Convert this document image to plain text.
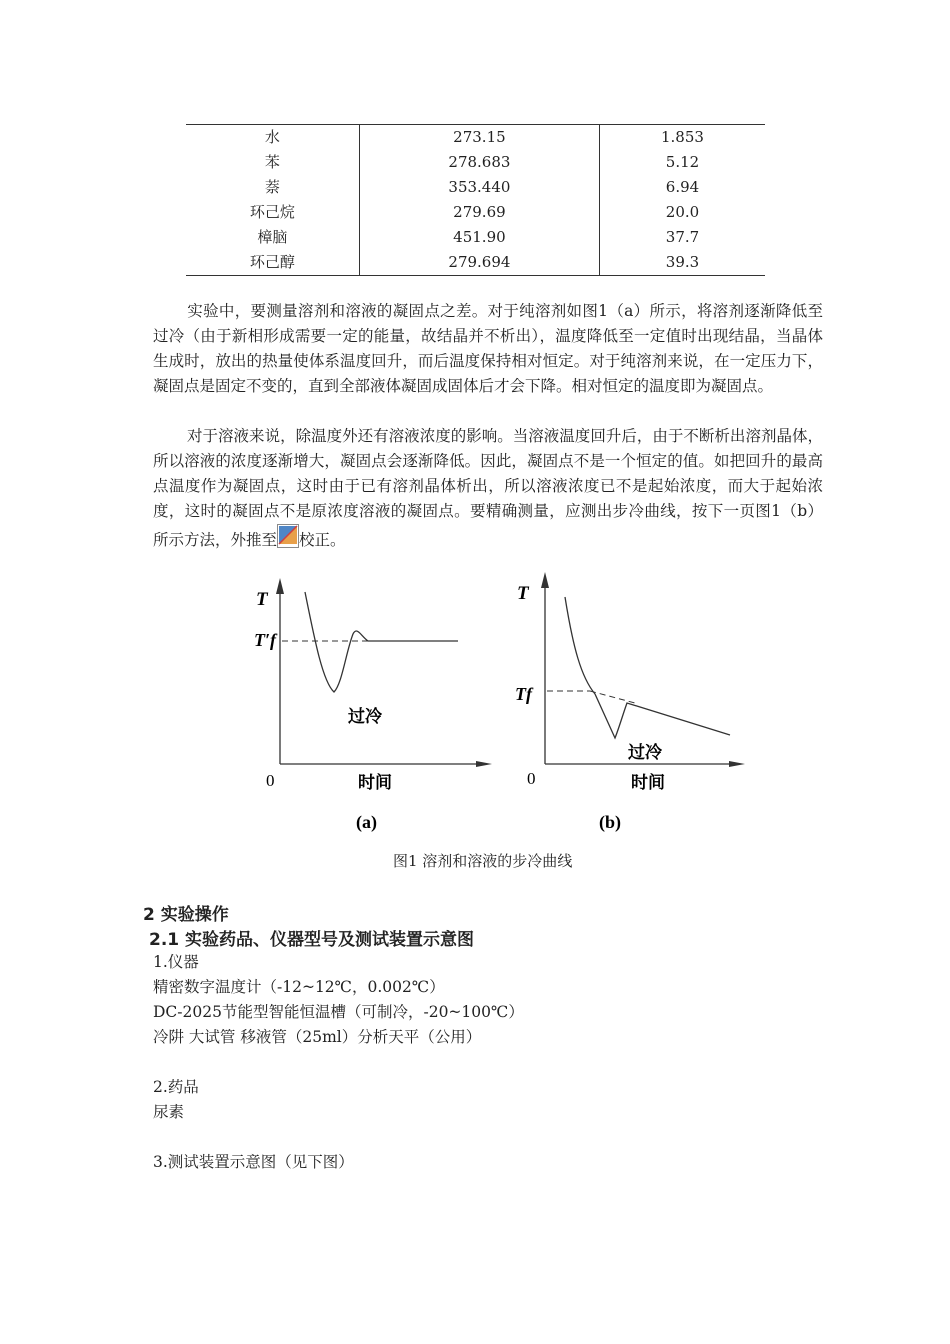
水	273.15	1.853
苯	278.683	5.12
萘	353.440	6.94
环己烷	279.69	20.0
樟脑	451.90	37.7
环己醇	279.694	39.3

实验中，要测量溶剂和溶液的凝固点之差。对于纯溶剂如图1（a）所示，将溶剂逐渐降低至过冷（由于新相形成需要一定的能量，故结晶并不析出），温度降低至一定值时出现结晶，当晶体生成时，放出的热量使体系温度回升，而后温度保持相对恒定。对于纯溶剂来说，在一定压力下，凝固点是固定不变的，直到全部液体凝固成固体后才会下降。相对恒定的温度即为凝固点。

对于溶液来说，除温度外还有溶液浓度的影响。当溶液温度回升后，由于不断析出溶剂晶体，所以溶液的浓度逐渐增大，凝固点会逐渐降低。因此，凝固点不是一个恒定的值。如把回升的最高点温度作为凝固点，这时由于已有溶剂晶体析出，所以溶液浓度已不是起始浓度，而大于起始浓度，这时的凝固点不是原浓度溶液的凝固点。要精确测量，应测出步冷曲线，按下一页图1（b）所示方法，外推至 校正。

T
T′f
0	时间
过冷
(a)
T
Tf
0	时间
过冷
(b)
图1 溶剂和溶液的步冷曲线
2 实验操作
2.1 实验药品、仪器型号及测试装置示意图
1.仪器
精密数字温度计（-12~12℃，0.002℃）
DC-2025节能型智能恒温槽（可制冷，-20~100℃）
冷阱 大试管 移液管（25ml）分析天平（公用）
2.药品
尿素
3.测试装置示意图（见下图）
